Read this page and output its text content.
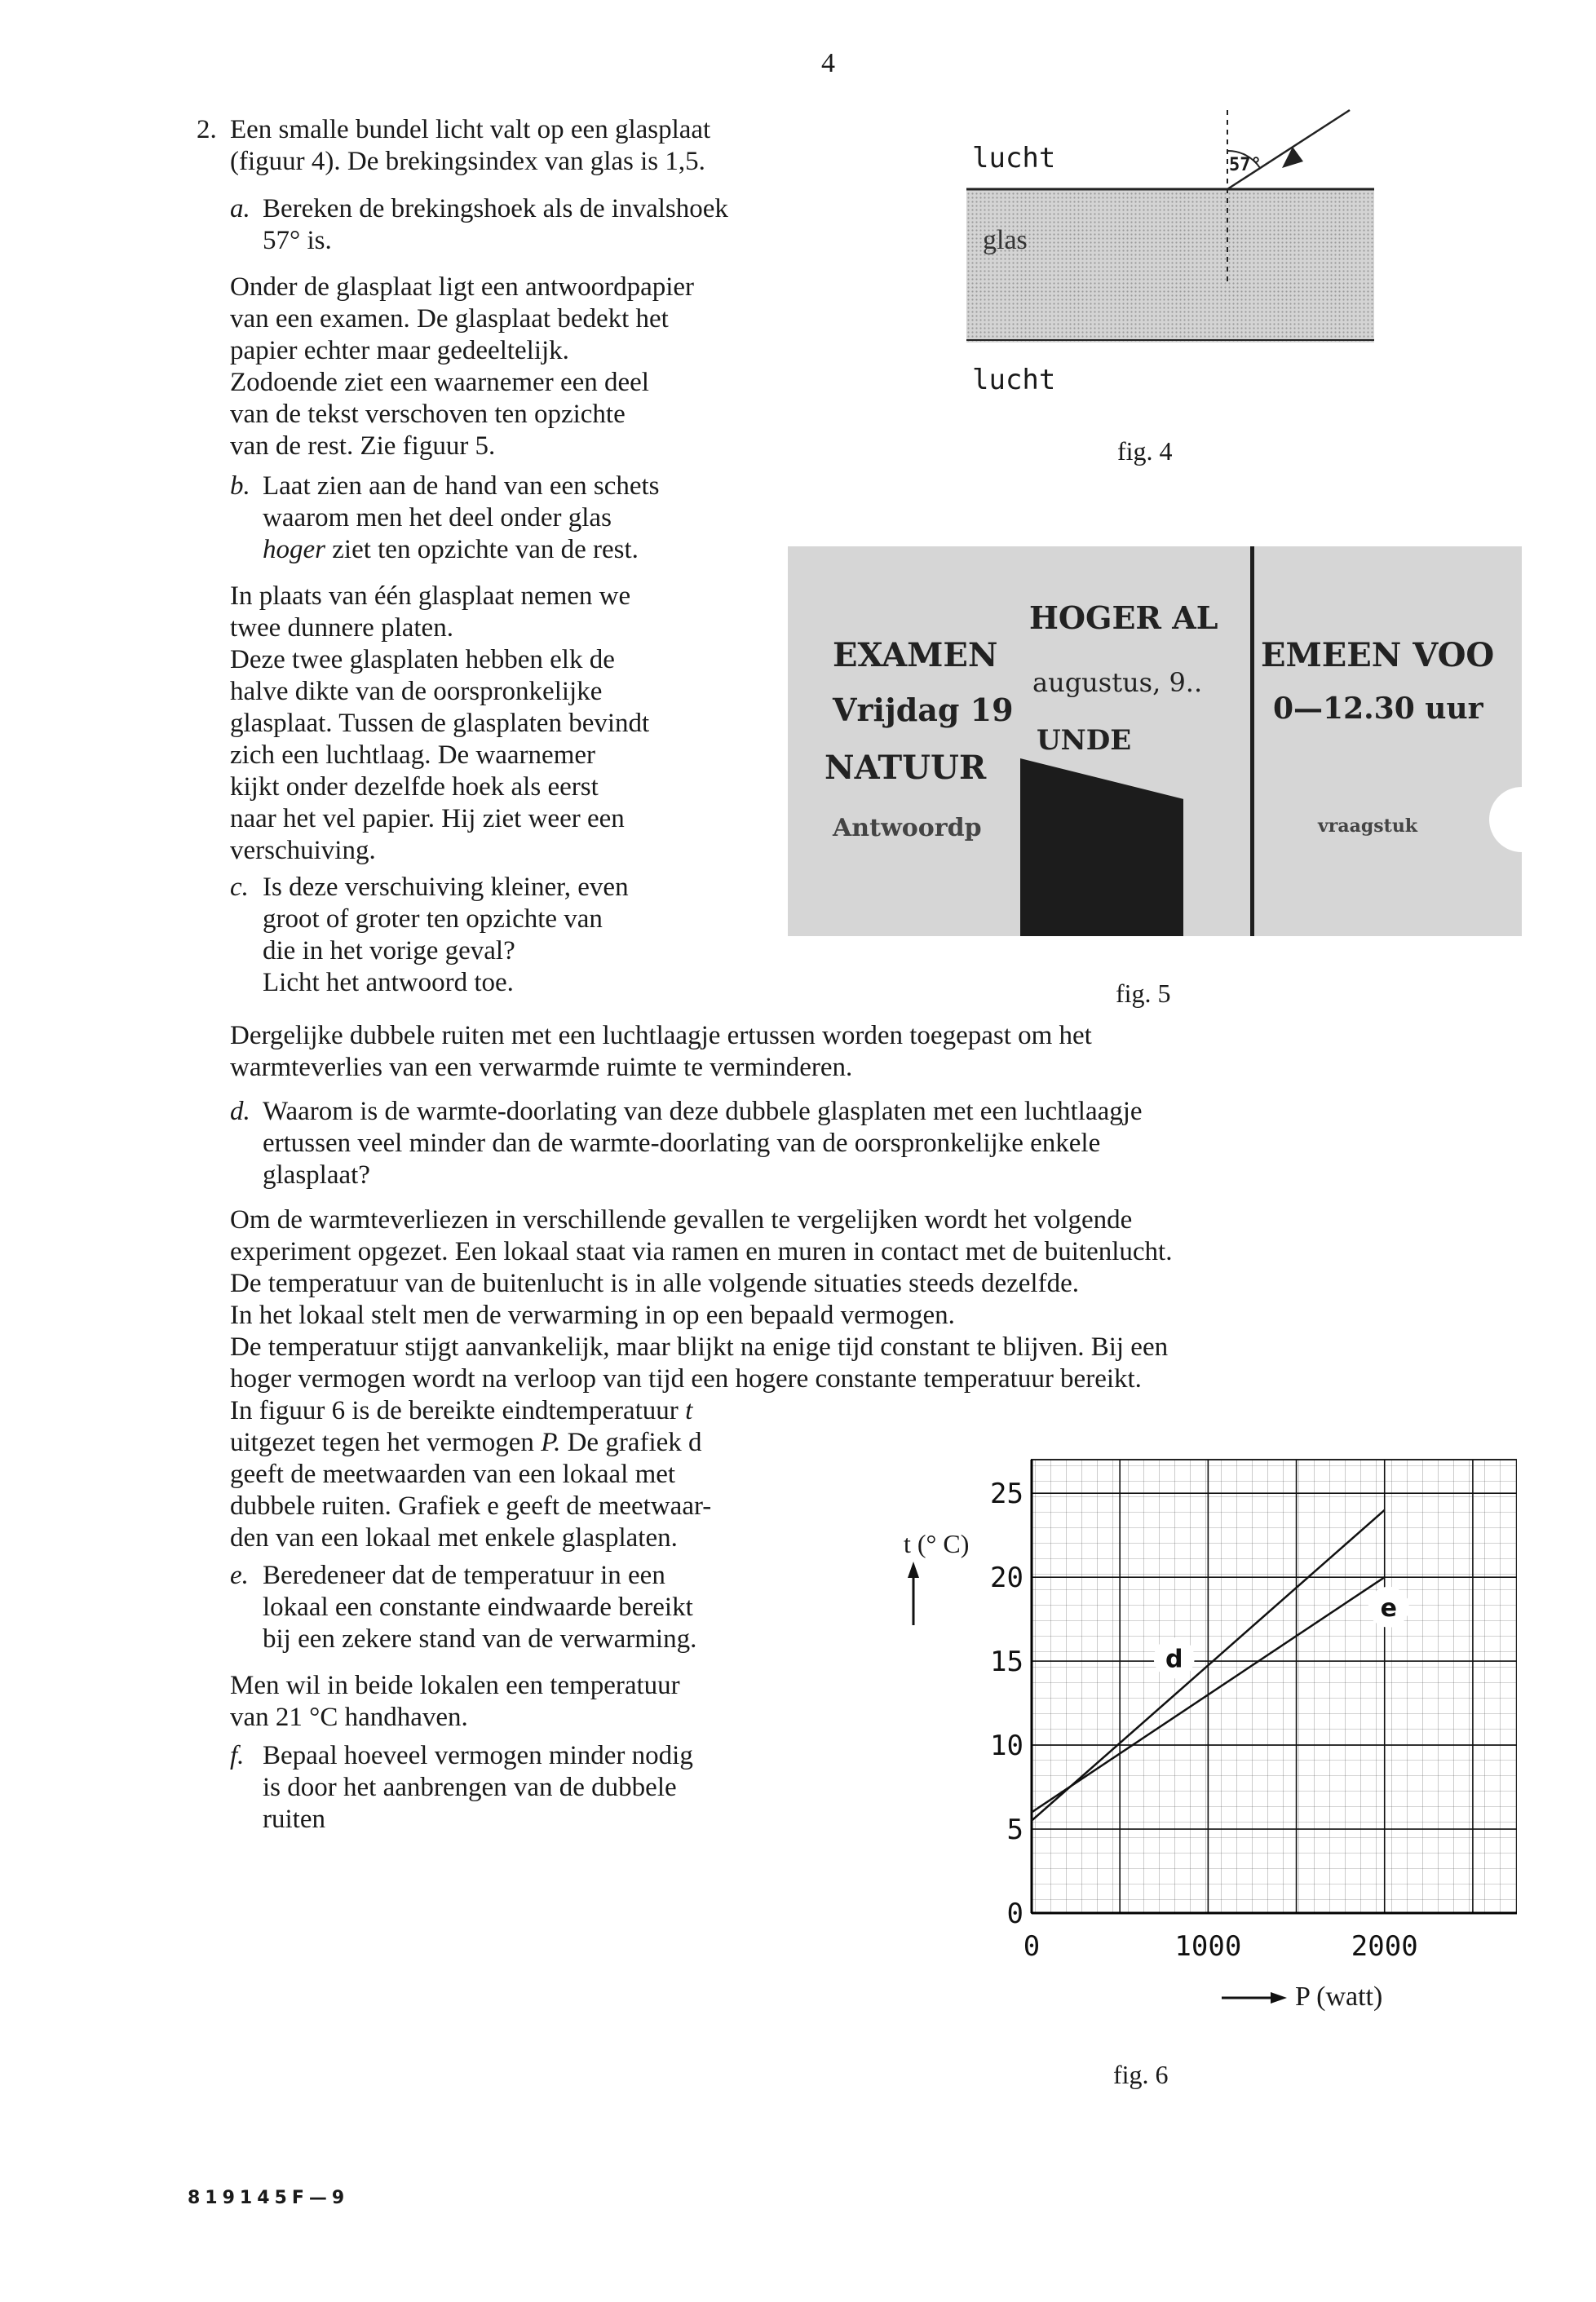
4
2. Een smalle bundel licht valt op een glasplaat
(figuur 4). De brekingsindex van glas is 1,5.
a. Bereken de brekingshoek als de invalshoek
57° is.
Onder de glasplaat ligt een antwoordpapier
van een examen. De glasplaat bedekt het
papier echter maar gedeeltelijk.
Zodoende ziet een waarnemer een deel
van de tekst verschoven ten opzichte
van de rest. Zie figuur 5.
b. Laat zien aan de hand van een schets
waarom men het deel onder glas
hoger ziet ten opzichte van de rest.
In plaats van één glasplaat nemen we
twee dunnere platen.
Deze twee glasplaten hebben elk de
halve dikte van de oorspronkelijke
glasplaat. Tussen de glasplaten bevindt
zich een luchtlaag. De waarnemer
kijkt onder dezelfde hoek als eerst
naar het vel papier. Hij ziet weer een
verschuiving.
c. Is deze verschuiving kleiner, even
groot of groter ten opzichte van
die in het vorige geval?
Licht het antwoord toe.
Dergelijke dubbele ruiten met een luchtlaagje ertussen worden toegepast om het
warmteverlies van een verwarmde ruimte te verminderen.
d. Waarom is de warmte-doorlating van deze dubbele glasplaten met een luchtlaagje
ertussen veel minder dan de warmte-doorlating van de oorspronkelijke enkele
glasplaat?
Om de warmteverliezen in verschillende gevallen te vergelijken wordt het volgende
experiment opgezet. Een lokaal staat via ramen en muren in contact met de buitenlucht.
De temperatuur van de buitenlucht is in alle volgende situaties steeds dezelfde.
In het lokaal stelt men de verwarming in op een bepaald vermogen.
De temperatuur stijgt aanvankelijk, maar blijkt na enige tijd constant te blijven. Bij een
hoger vermogen wordt na verloop van tijd een hogere constante temperatuur bereikt.
In figuur 6 is de bereikte eindtemperatuur t
uitgezet tegen het vermogen P. De grafiek d
geeft de meetwaarden van een lokaal met
dubbele ruiten. Grafiek e geeft de meetwaar-
den van een lokaal met enkele glasplaten.
e. Beredeneer dat de temperatuur in een
lokaal een constante eindwaarde bereikt
bij een zekere stand van de verwarming.
Men wil in beide lokalen een temperatuur
van 21 °C handhaven.
f. Bepaal hoeveel vermogen minder nodig
is door het aanbrengen van de dubbele
ruiten
57°
lucht
glas
lucht
fig. 4
HOGER AL
EXAMEN	EMEEN VOO
augustus, 9..
Vrijdag 19	0—12.30 uur
UNDE
NATUUR
Antwoordp	vraagstuk
fig. 5
d
e
0
5
10
15
20
25
0	1000	2000
t (° C)
P (watt)
fig. 6
819145F—9
